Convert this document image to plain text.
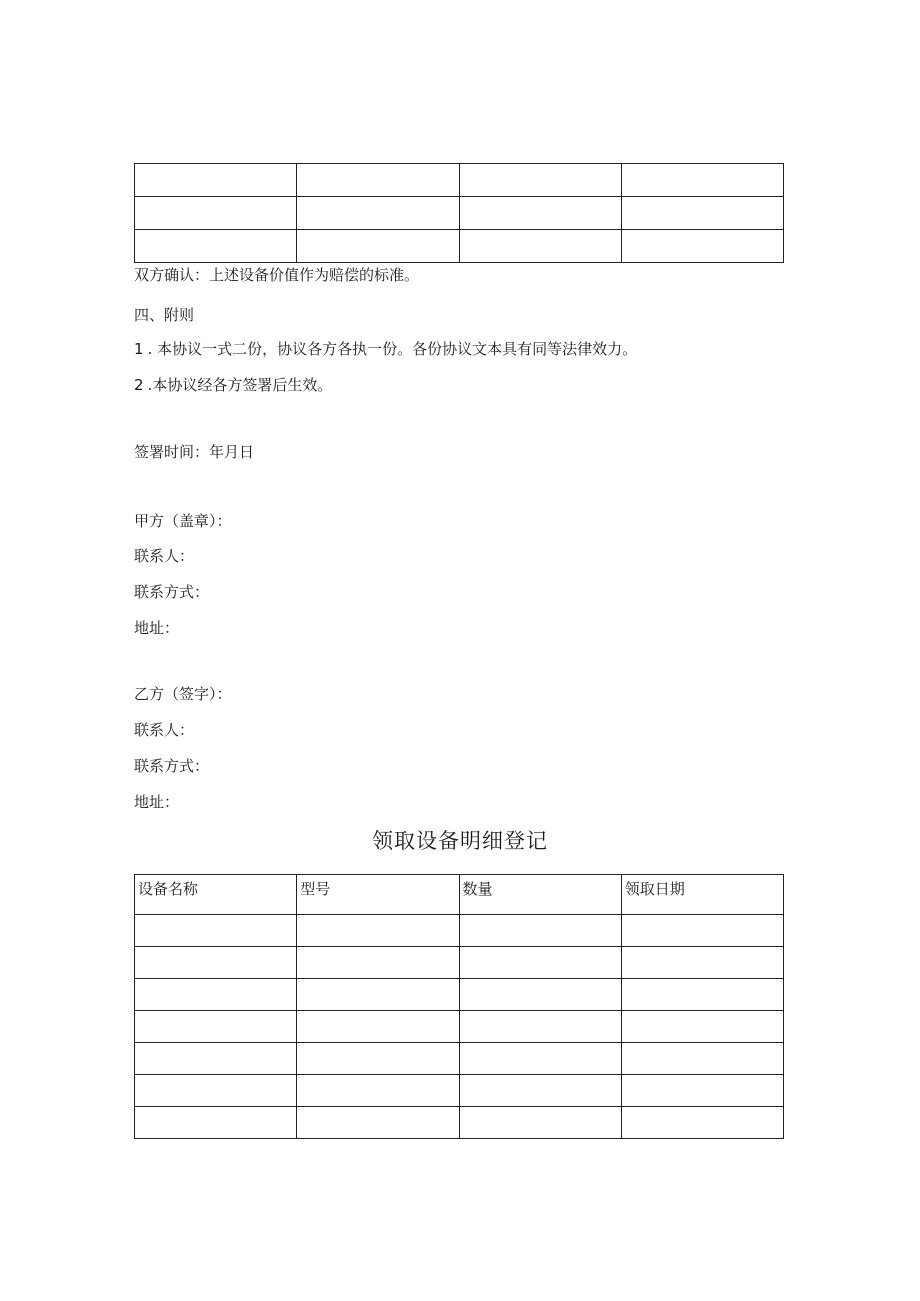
双方确认：上述设备价值作为赔偿的标准。
四、附则
1. 本协议一式二份，协议各方各执一份。各份协议文本具有同等法律效力。
2.本协议经各方签署后生效。
签署时间：年月日
甲方（盖章）：
联系人：
联系方式：
地址：
乙方（签字）：
联系人：
联系方式：
地址：
领取设备明细登记
设备名称	型号	数量	领取日期
